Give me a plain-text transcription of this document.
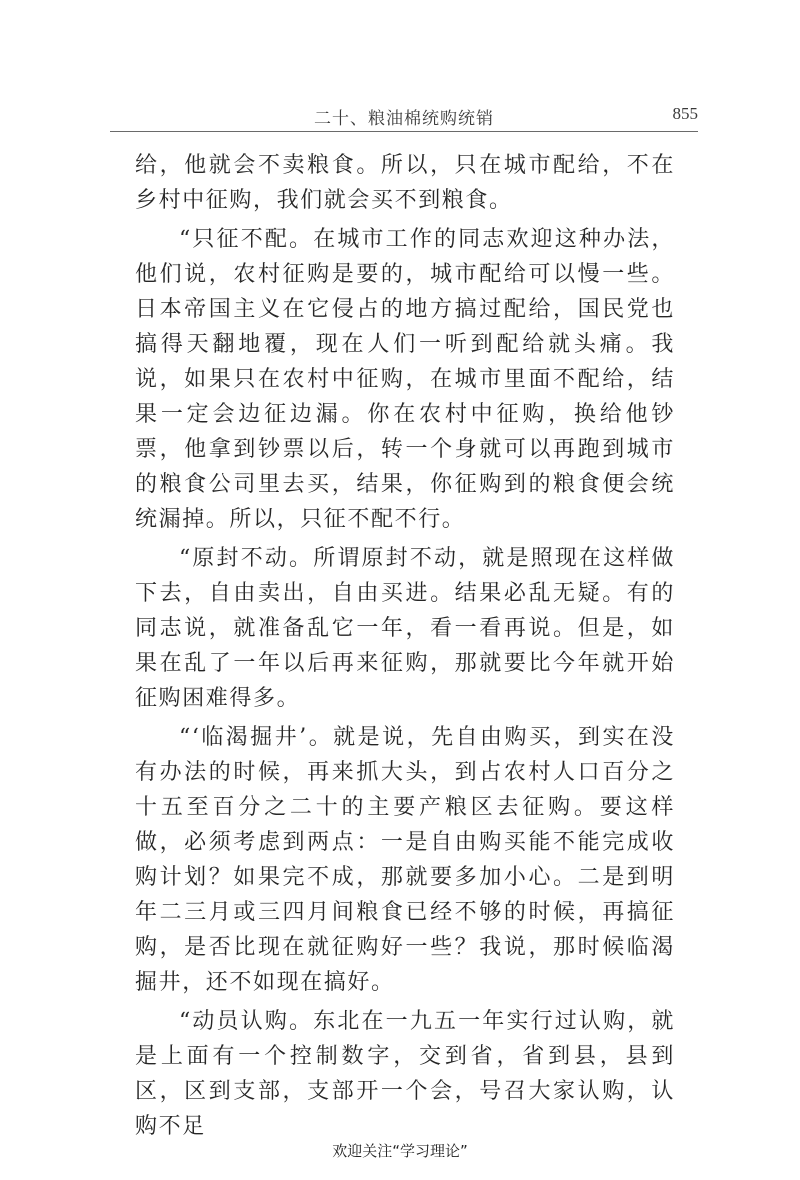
二十、粮油棉统购统销	855

给，他就会不卖粮食。所以，只在城市配给，不在乡村中征购，我们就会买不到粮食。

“只征不配。在城市工作的同志欢迎这种办法，他们说，农村征购是要的，城市配给可以慢一些。日本帝国主义在它侵占的地方搞过配给，国民党也搞得天翻地覆，现在人们一听到配给就头痛。我说，如果只在农村中征购，在城市里面不配给，结果一定会边征边漏。你在农村中征购，换给他钞票，他拿到钞票以后，转一个身就可以再跑到城市的粮食公司里去买，结果，你征购到的粮食便会统统漏掉。所以，只征不配不行。

“原封不动。所谓原封不动，就是照现在这样做下去，自由卖出，自由买进。结果必乱无疑。有的同志说，就准备乱它一年，看一看再说。但是，如果在乱了一年以后再来征购，那就要比今年就开始征购困难得多。

“‘临渴掘井’。就是说，先自由购买，到实在没有办法的时候，再来抓大头，到占农村人口百分之十五至百分之二十的主要产粮区去征购。要这样做，必须考虑到两点：一是自由购买能不能完成收购计划？如果完不成，那就要多加小心。二是到明年二三月或三四月间粮食已经不够的时候，再搞征购，是否比现在就征购好一些？我说，那时候临渴掘井，还不如现在搞好。

“动员认购。东北在一九五一年实行过认购，就是上面有一个控制数字，交到省，省到县，县到区，区到支部，支部开一个会，号召大家认购，认购不足

欢迎关注“学习理论”
